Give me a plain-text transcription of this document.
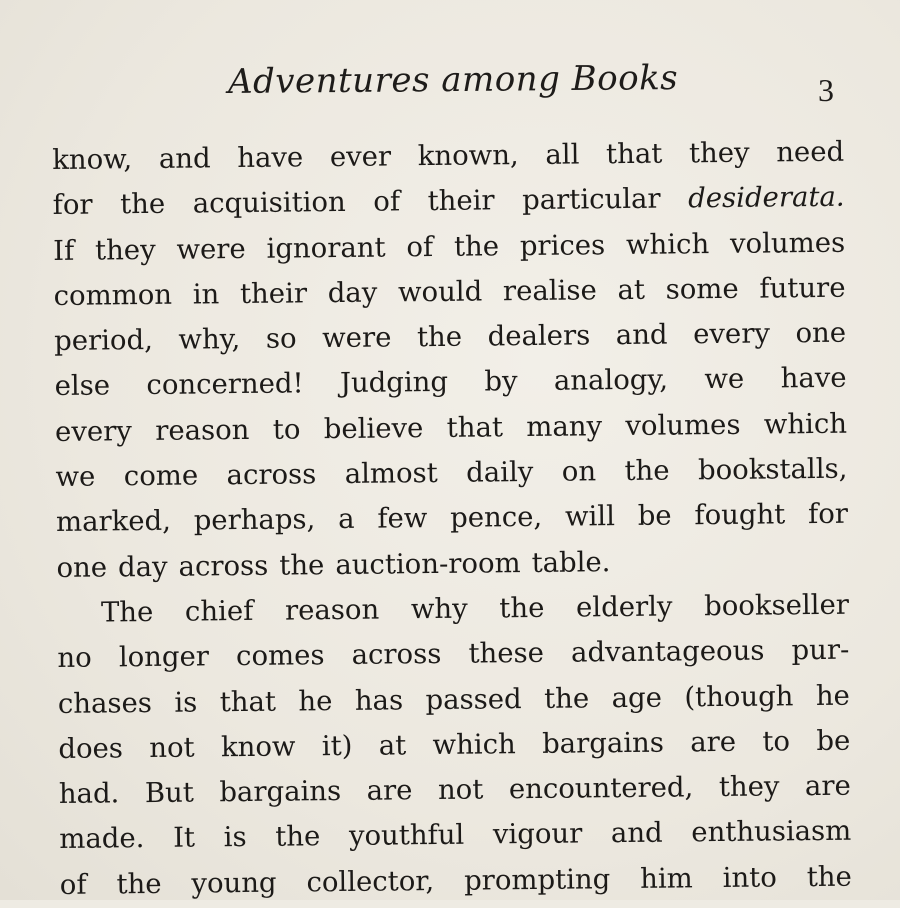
Adventures among Books	3
know, and have ever known, all that they need
for the acquisition of their particular desiderata.
If they were ignorant of the prices which volumes
common in their day would realise at some future
period, why, so were the dealers and every one
else concerned! Judging by analogy, we have
every reason to believe that many volumes which
we come across almost daily on the bookstalls,
marked, perhaps, a few pence, will be fought for
one day across the auction-room table.
The chief reason why the elderly bookseller
no longer comes across these advantageous pur-
chases is that he has passed the age (though he
does not know it) at which bargains are to be
had. But bargains are not encountered, they are
made. It is the youthful vigour and enthusiasm
of the young collector, prompting him into the
